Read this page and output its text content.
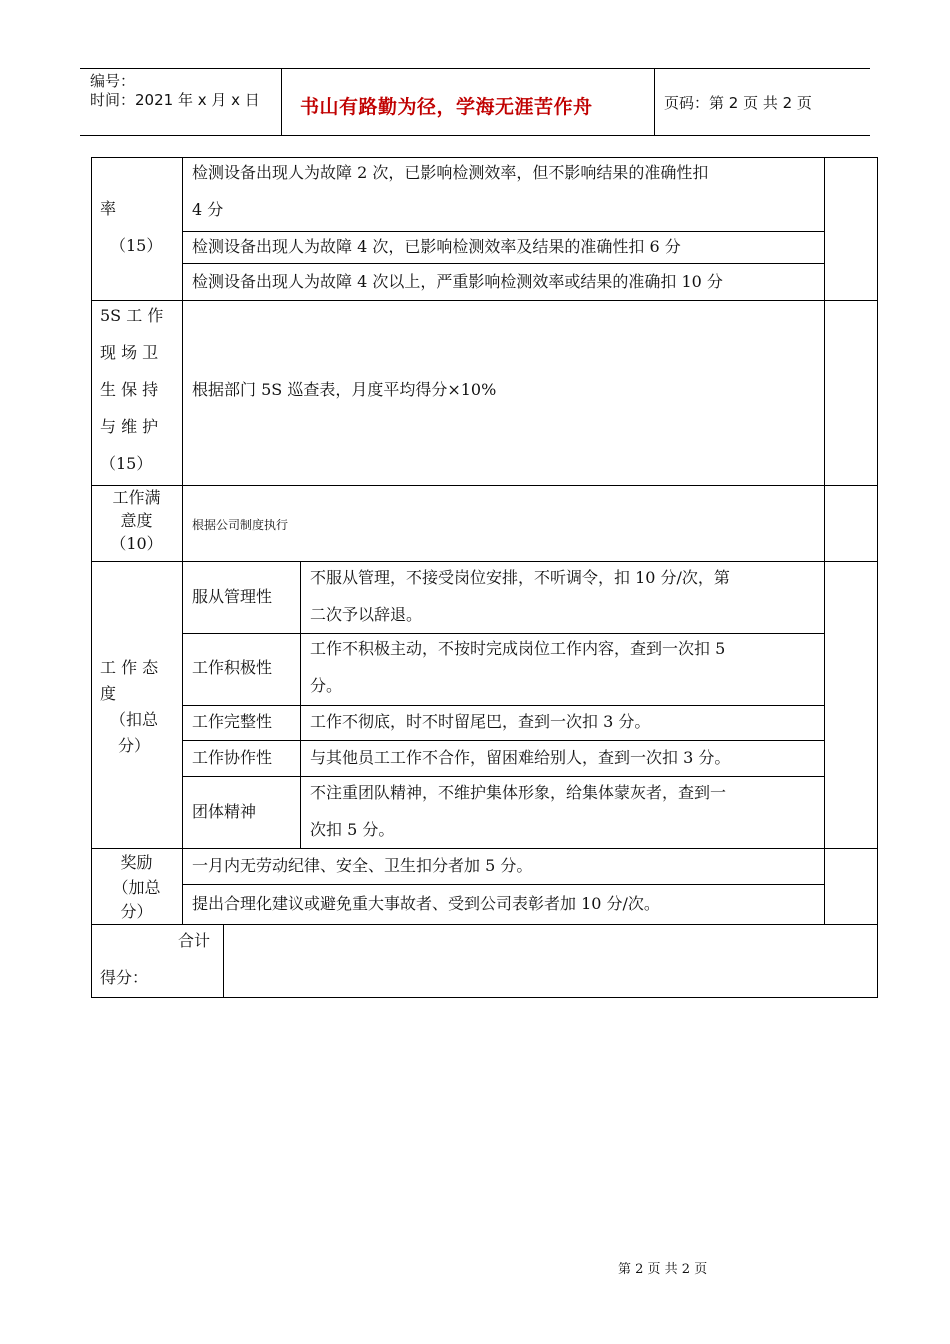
编号：
时间：2021 年 x 月 x 日 书山有路勤为径，学海无涯苦作舟	页码：第 2 页 共 2 页
率
（15）
检测设备出现人为故障 2 次，已影响检测效率，但不影响结果的准确性扣
4 分
检测设备出现人为故障 4 次，已影响检测效率及结果的准确性扣 6 分
检测设备出现人为故障 4 次以上，严重影响检测效率或结果的准确扣 10 分
5S 工 作
现 场 卫
生 保 持
与 维 护
（15）
根据部门 5S 巡查表，月度平均得分×10%
工作满
意度
（10）
根据公司制度执行
工 作 态
度
（扣总
分）
服从管理性
不服从管理，不接受岗位安排，不听调令，扣 10 分/次，第
二次予以辞退。
工作积极性
工作不积极主动，不按时完成岗位工作内容，查到一次扣 5
分。
工作完整性 工作不彻底，时不时留尾巴，查到一次扣 3 分。
工作协作性 与其他员工工作不合作，留困难给别人，查到一次扣 3 分。
团体精神
不注重团队精神，不维护集体形象，给集体蒙灰者，查到一
次扣 5 分。
奖励
（加总
分）
一月内无劳动纪律、安全、卫生扣分者加 5 分。
提出合理化建议或避免重大事故者、受到公司表彰者加 10 分/次。
合计
得分：
第 2 页 共 2 页
